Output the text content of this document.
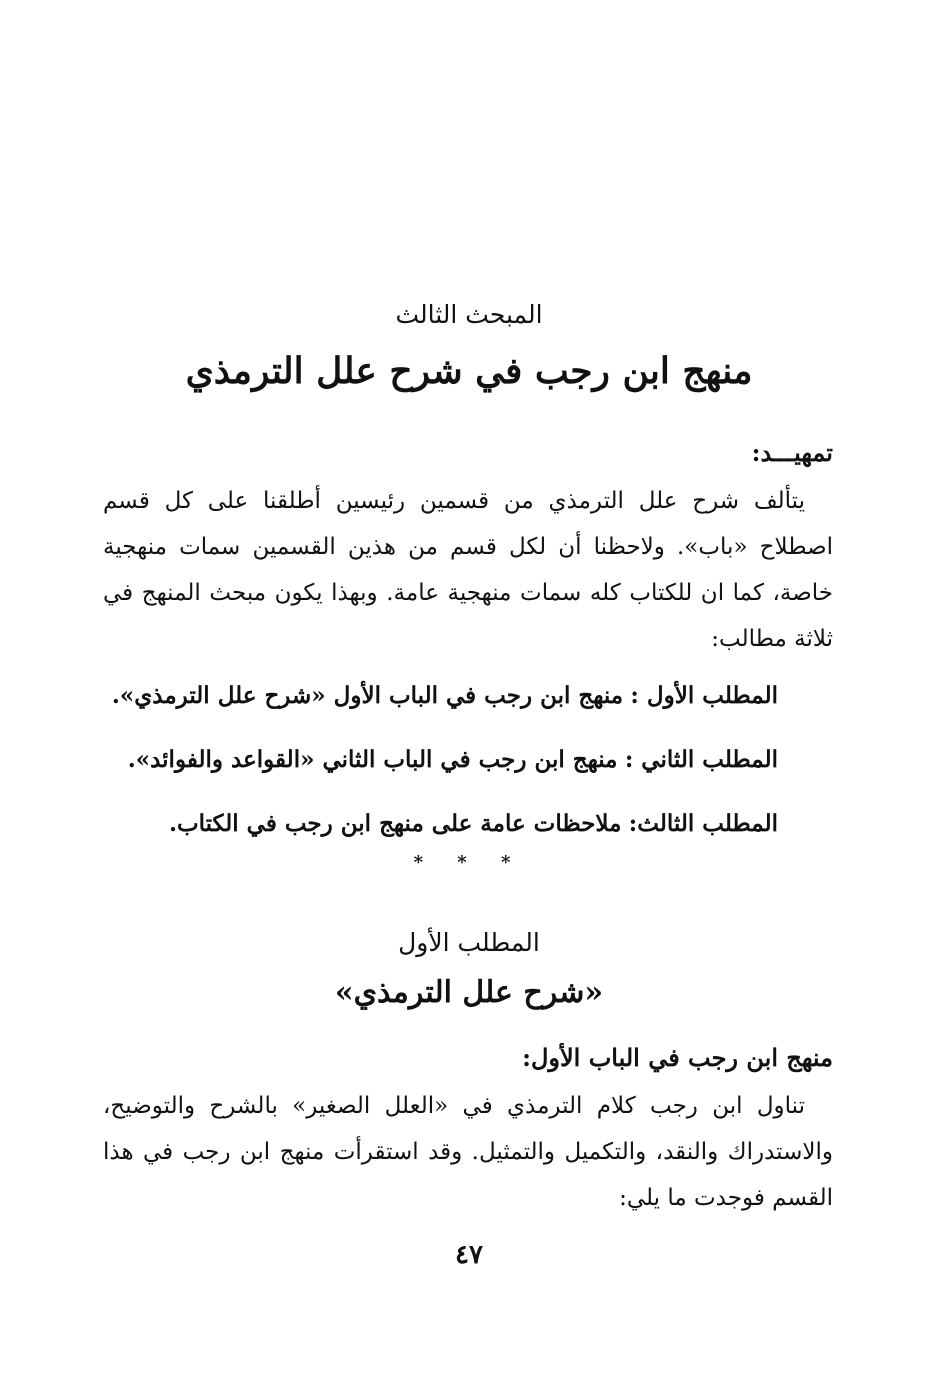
المبحث الثالث
منهج ابن رجب في شرح علل الترمذي
تمهيـــد:

يتألف شرح علل الترمذي من قسمين رئيسين أطلقنا على كل قسم اصطلاح «باب». ولاحظنا أن لكل قسم من هذين القسمين سمات منهجية خاصة، كما ان للكتاب كله سمات منهجية عامة. وبهذا يكون مبحث المنهج في ثلاثة مطالب:

المطلب الأول : منهج ابن رجب في الباب الأول «شرح علل الترمذي».
المطلب الثاني : منهج ابن رجب في الباب الثاني «القواعد والفوائد».
المطلب الثالث: ملاحظات عامة على منهج ابن رجب في الكتاب.
* * *
المطلب الأول
«شرح علل الترمذي»
منهج ابن رجب في الباب الأول:

تناول ابن رجب كلام الترمذي في «العلل الصغير» بالشرح والتوضيح، والاستدراك والنقد، والتكميل والتمثيل. وقد استقرأت منهج ابن رجب في هذا القسم فوجدت ما يلي:

٤٧
